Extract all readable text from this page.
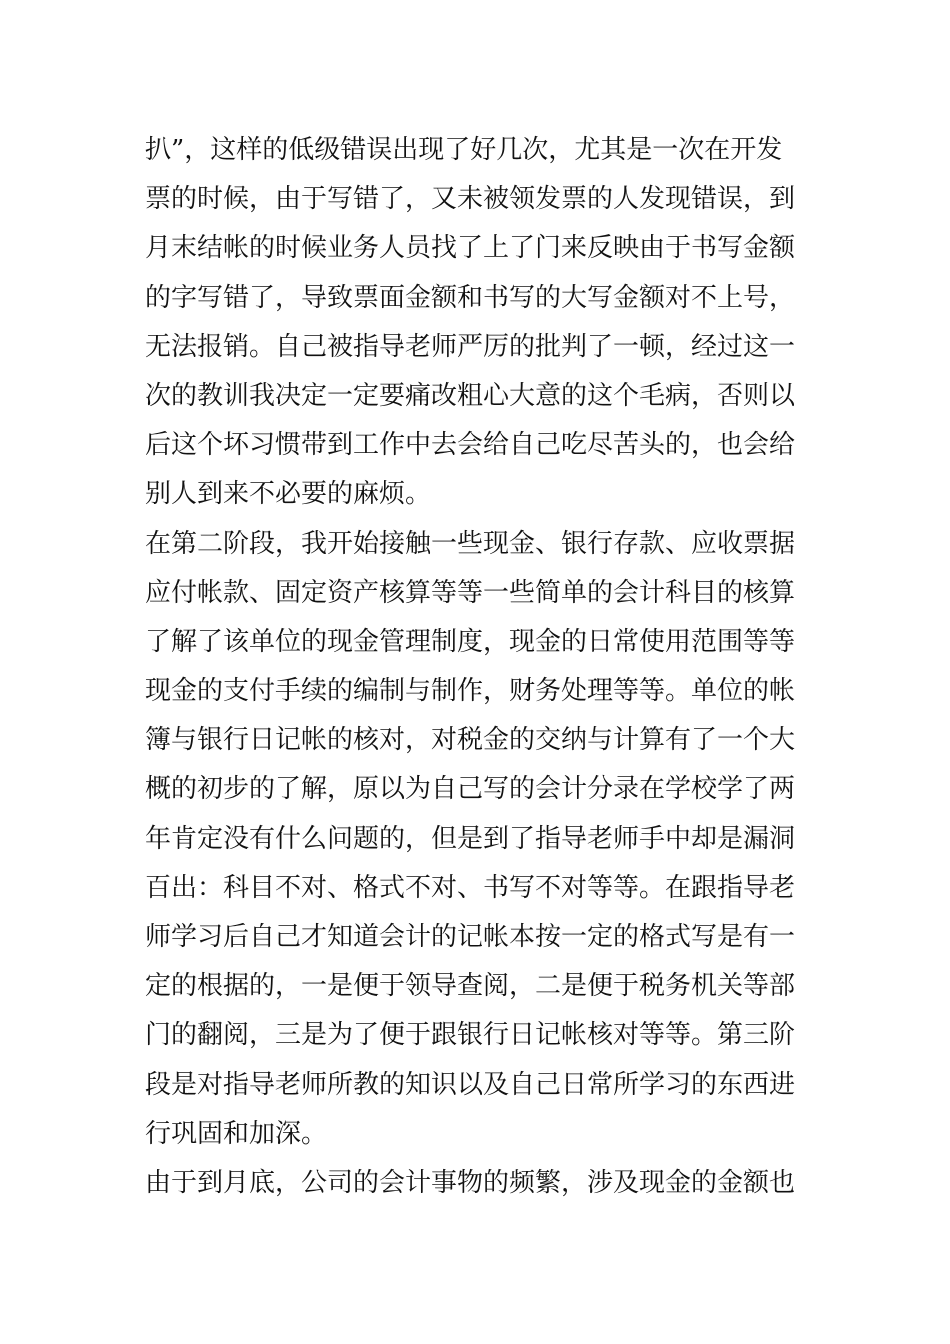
扒”，这样的低级错误出现了好几次，尤其是一次在开发
票的时候，由于写错了，又未被领发票的人发现错误，到
月末结帐的时候业务人员找了上了门来反映由于书写金额
的字写错了，导致票面金额和书写的大写金额对不上号，
无法报销。自己被指导老师严厉的批判了一顿，经过这一
次的教训我决定一定要痛改粗心大意的这个毛病，否则以
后这个坏习惯带到工作中去会给自己吃尽苦头的，也会给
别人到来不必要的麻烦。
在第二阶段，我开始接触一些现金、银行存款、应收票据
应付帐款、固定资产核算等等一些简单的会计科目的核算
了解了该单位的现金管理制度，现金的日常使用范围等等
现金的支付手续的编制与制作，财务处理等等。单位的帐
簿与银行日记帐的核对，对税金的交纳与计算有了一个大
概的初步的了解，原以为自己写的会计分录在学校学了两
年肯定没有什么问题的，但是到了指导老师手中却是漏洞
百出：科目不对、格式不对、书写不对等等。在跟指导老
师学习后自己才知道会计的记帐本按一定的格式写是有一
定的根据的，一是便于领导查阅，二是便于税务机关等部
门的翻阅，三是为了便于跟银行日记帐核对等等。第三阶
段是对指导老师所教的知识以及自己日常所学习的东西进
行巩固和加深。
由于到月底，公司的会计事物的频繁，涉及现金的金额也
